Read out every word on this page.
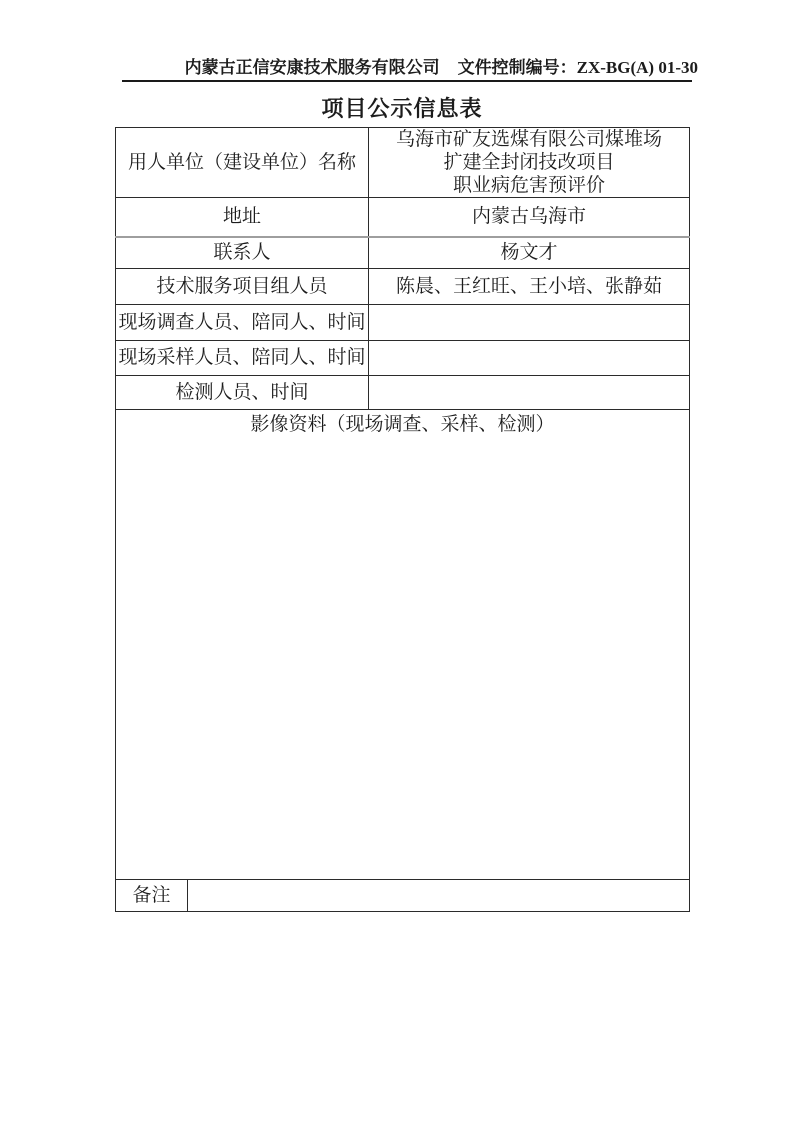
内蒙古正信安康技术服务有限公司 文件控制编号：ZX-BG(A) 01-30
项目公示信息表
用人单位（建设单位）名称		乌海市矿友选煤有限公司煤堆场
扩建全封闭技改项目
职业病危害预评价

地址		内蒙古乌海市
联系人		杨文才
技术服务项目组人员		陈晨、王红旺、王小培、张静茹
现场调查人员、陪同人、时间		
现场采样人员、陪同人、时间		
检测人员、时间		
影像资料（现场调查、采样、检测）		
备注		
